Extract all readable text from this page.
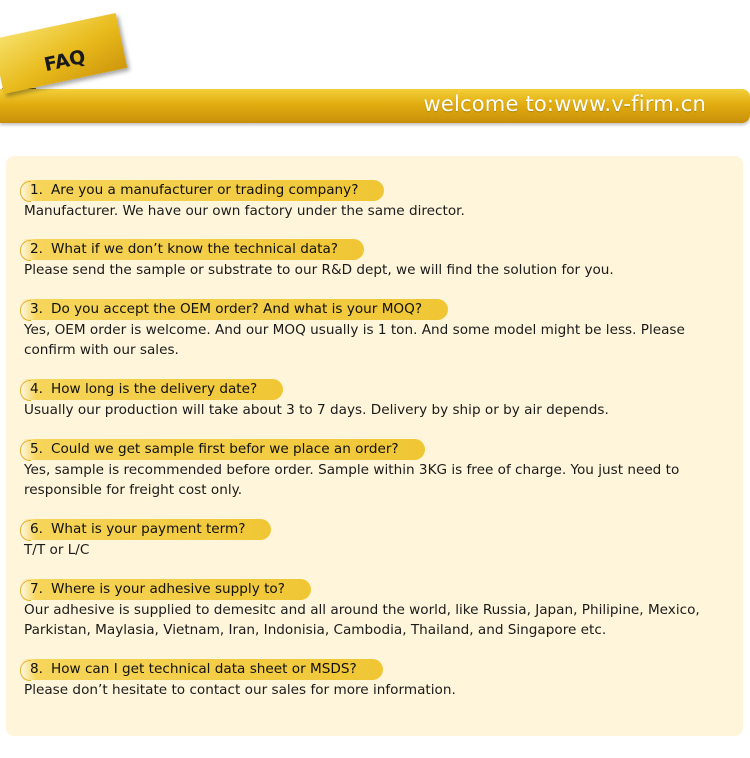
welcome to:www.v-firm.cn
FAQ
1. Are you a manufacturer or trading company?
Manufacturer. We have our own factory under the same director.
2. What if we don’t know the technical data?
Please send the sample or substrate to our R&D dept, we will find the solution for you.
3. Do you accept the OEM order? And what is your MOQ?
Yes, OEM order is welcome. And our MOQ usually is 1 ton. And some model might be less. Please confirm with our sales.
4. How long is the delivery date?
Usually our production will take about 3 to 7 days. Delivery by ship or by air depends.
5. Could we get sample first befor we place an order?
Yes, sample is recommended before order. Sample within 3KG is free of charge. You just need to responsible for freight cost only.
6. What is your payment term?
T/T or L/C
7. Where is your adhesive supply to?
Our adhesive is supplied to demesitc and all around the world, like Russia, Japan, Philipine, Mexico, Parkistan, Maylasia, Vietnam, Iran, Indonisia, Cambodia, Thailand, and Singapore etc.
8. How can I get technical data sheet or MSDS?
Please don’t hesitate to contact our sales for more information.
